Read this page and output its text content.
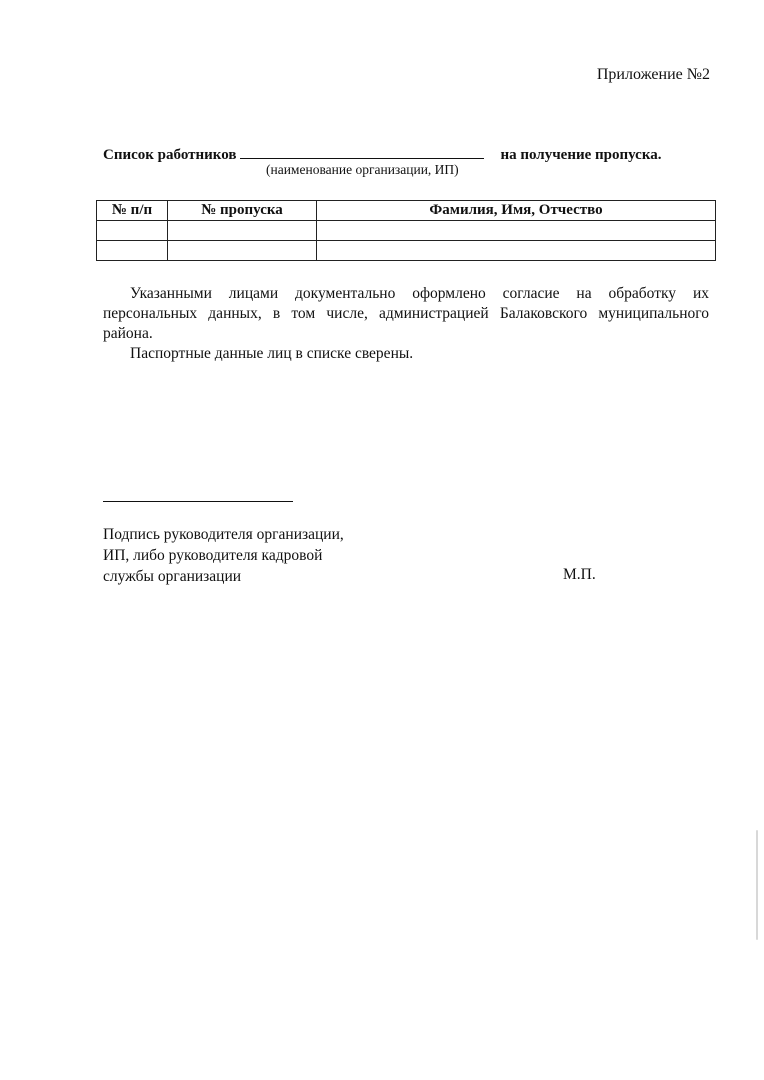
Приложение №2
Список работников	на получение пропуска.
(наименование организации, ИП)
№ п/п	№ пропуска	Фамилия, Имя, Отчество

Указанными лицами документально оформлено согласие на обработку их персональных данных, в том числе, администрацией Балаковского муниципального района.

Паспортные данные лиц в списке сверены.

Подпись руководителя организации,
ИП, либо руководителя кадровой
службы организации	М.П.
